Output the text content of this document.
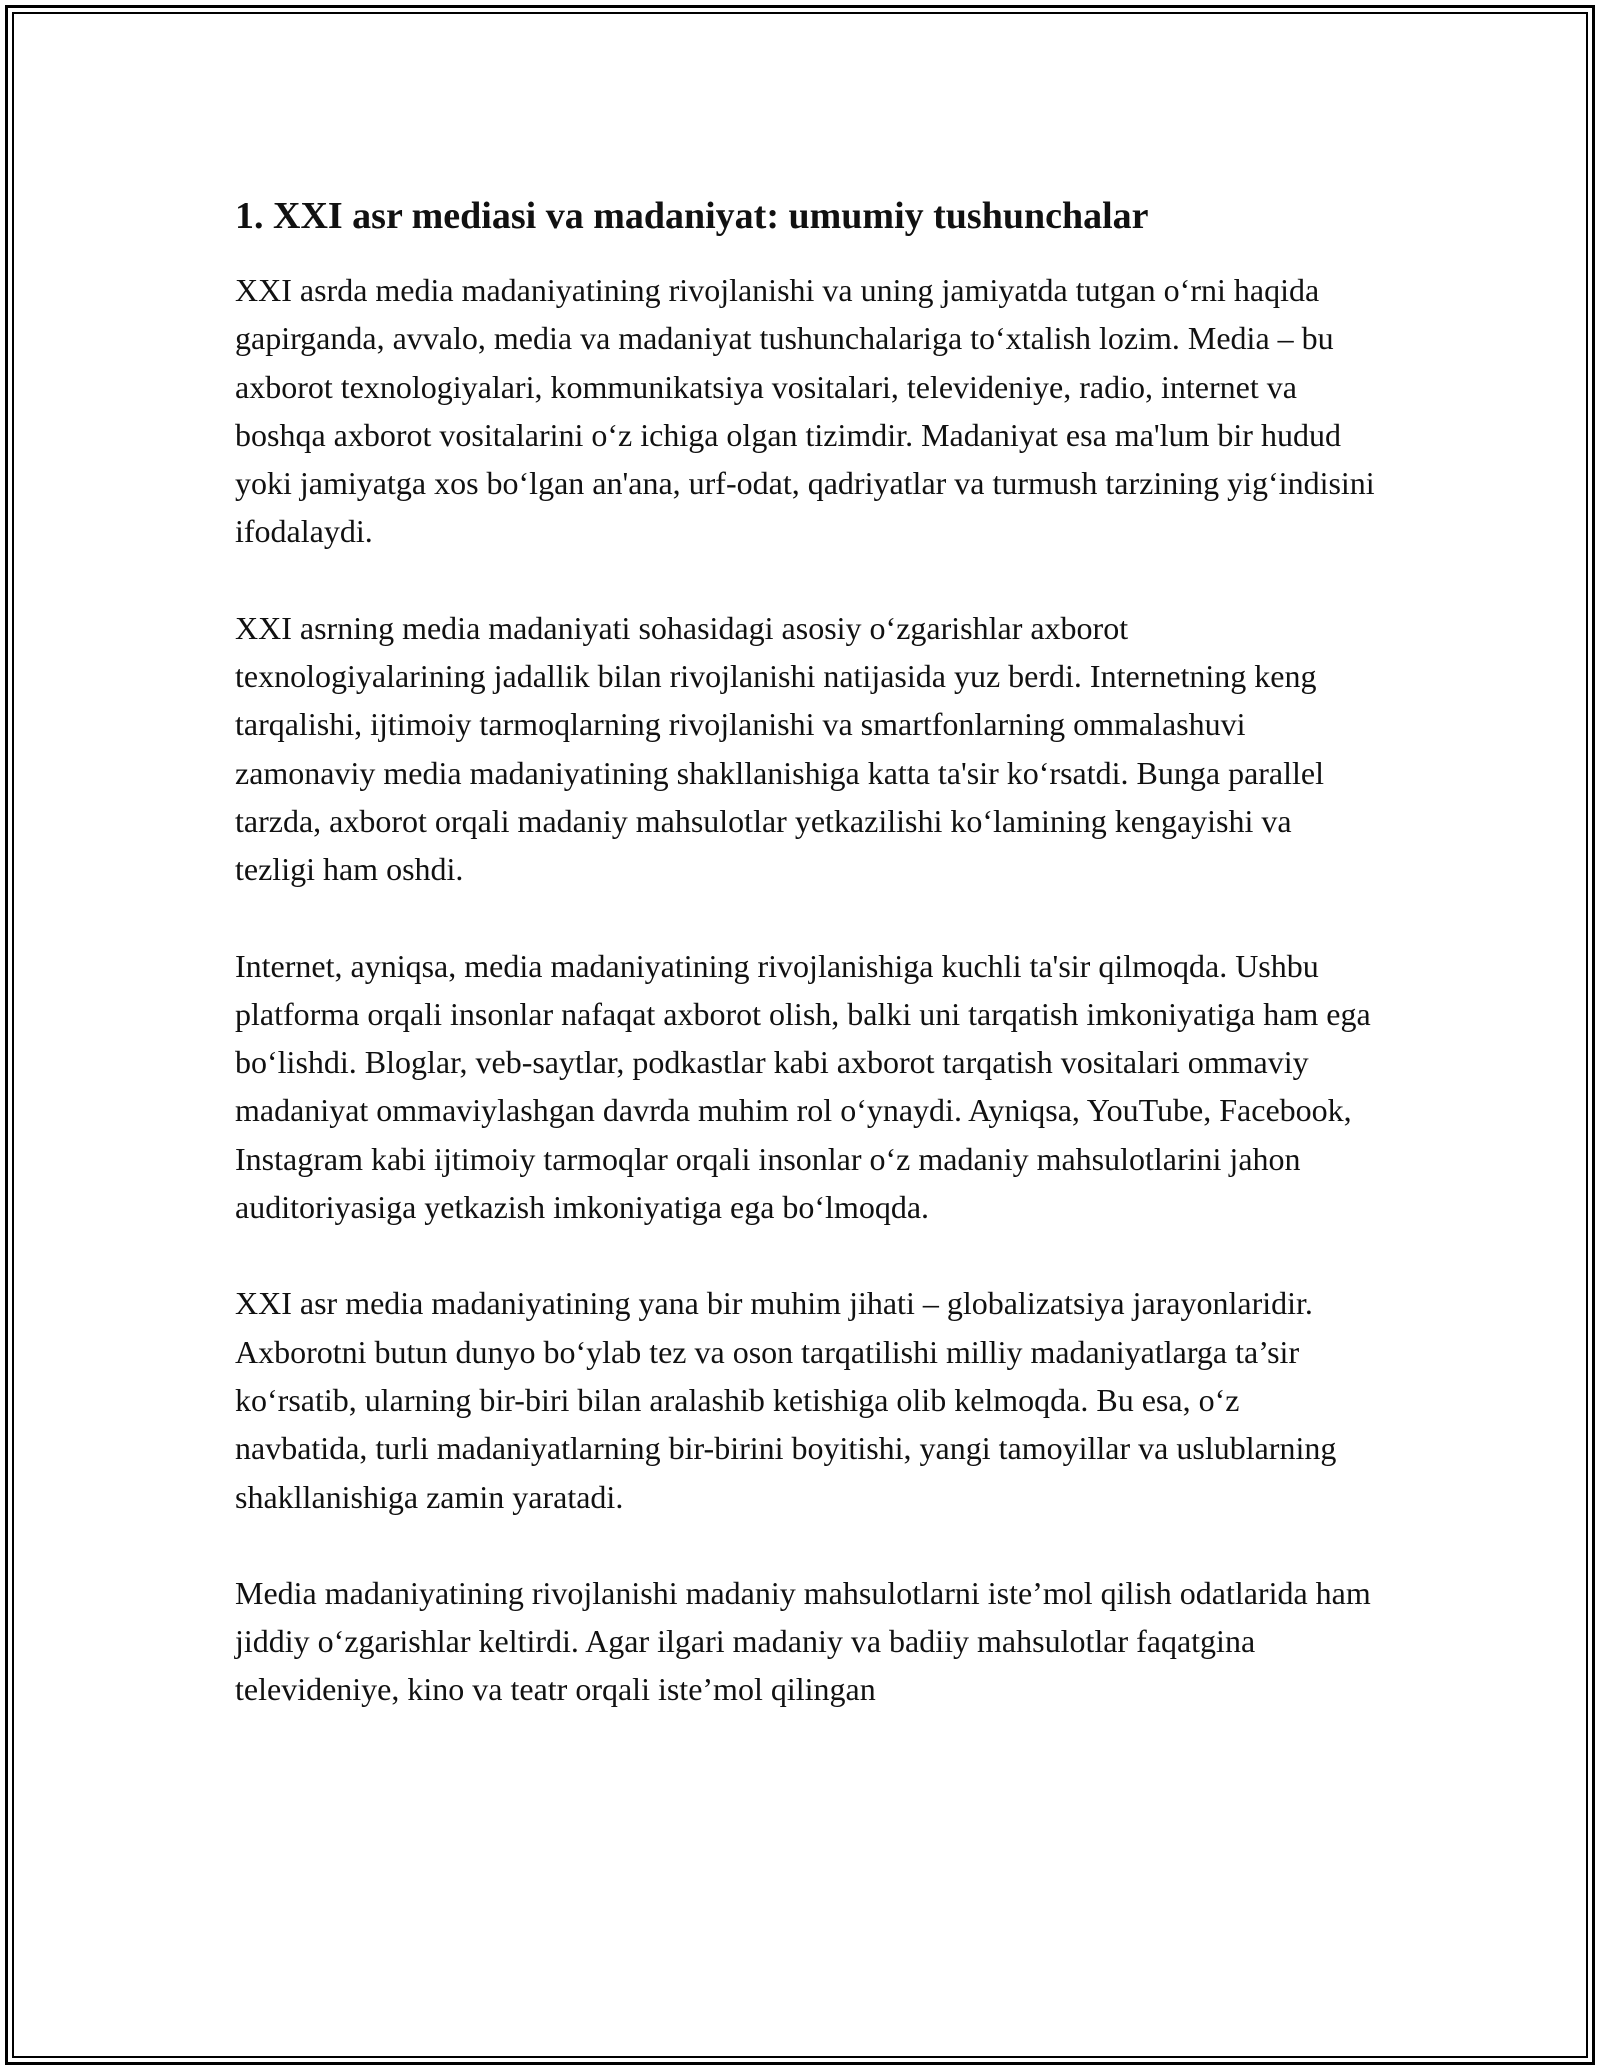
1. XXI asr mediasi va madaniyat: umumiy tushunchalar

XXI asrda media madaniyatining rivojlanishi va uning jamiyatda tutgan o‘rni haqida gapirganda, avvalo, media va madaniyat tushunchalariga to‘xtalish lozim. Media – bu axborot texnologiyalari, kommunikatsiya vositalari, televideniye, radio, internet va boshqa axborot vositalarini o‘z ichiga olgan tizimdir. Madaniyat esa ma'lum bir hudud yoki jamiyatga xos bo‘lgan an'ana, urf-odat, qadriyatlar va turmush tarzining yig‘indisini ifodalaydi.

XXI asrning media madaniyati sohasidagi asosiy o‘zgarishlar axborot texnologiyalarining jadallik bilan rivojlanishi natijasida yuz berdi. Internetning keng tarqalishi, ijtimoiy tarmoqlarning rivojlanishi va smartfonlarning ommalashuvi zamonaviy media madaniyatining shakllanishiga katta ta'sir ko‘rsatdi. Bunga parallel tarzda, axborot orqali madaniy mahsulotlar yetkazilishi ko‘lamining kengayishi va tezligi ham oshdi.

Internet, ayniqsa, media madaniyatining rivojlanishiga kuchli ta'sir qilmoqda. Ushbu platforma orqali insonlar nafaqat axborot olish, balki uni tarqatish imkoniyatiga ham ega bo‘lishdi. Bloglar, veb-saytlar, podkastlar kabi axborot tarqatish vositalari ommaviy madaniyat ommaviylashgan davrda muhim rol o‘ynaydi. Ayniqsa, YouTube, Facebook, Instagram kabi ijtimoiy tarmoqlar orqali insonlar o‘z madaniy mahsulotlarini jahon auditoriyasiga yetkazish imkoniyatiga ega bo‘lmoqda.

XXI asr media madaniyatining yana bir muhim jihati – globalizatsiya jarayonlaridir. Axborotni butun dunyo bo‘ylab tez va oson tarqatilishi milliy madaniyatlarga ta’sir ko‘rsatib, ularning bir-biri bilan aralashib ketishiga olib kelmoqda. Bu esa, o‘z navbatida, turli madaniyatlarning bir-birini boyitishi, yangi tamoyillar va uslublarning shakllanishiga zamin yaratadi.

Media madaniyatining rivojlanishi madaniy mahsulotlarni iste’mol qilish odatlarida ham jiddiy o‘zgarishlar keltirdi. Agar ilgari madaniy va badiiy mahsulotlar faqatgina televideniye, kino va teatr orqali iste’mol qilingan
